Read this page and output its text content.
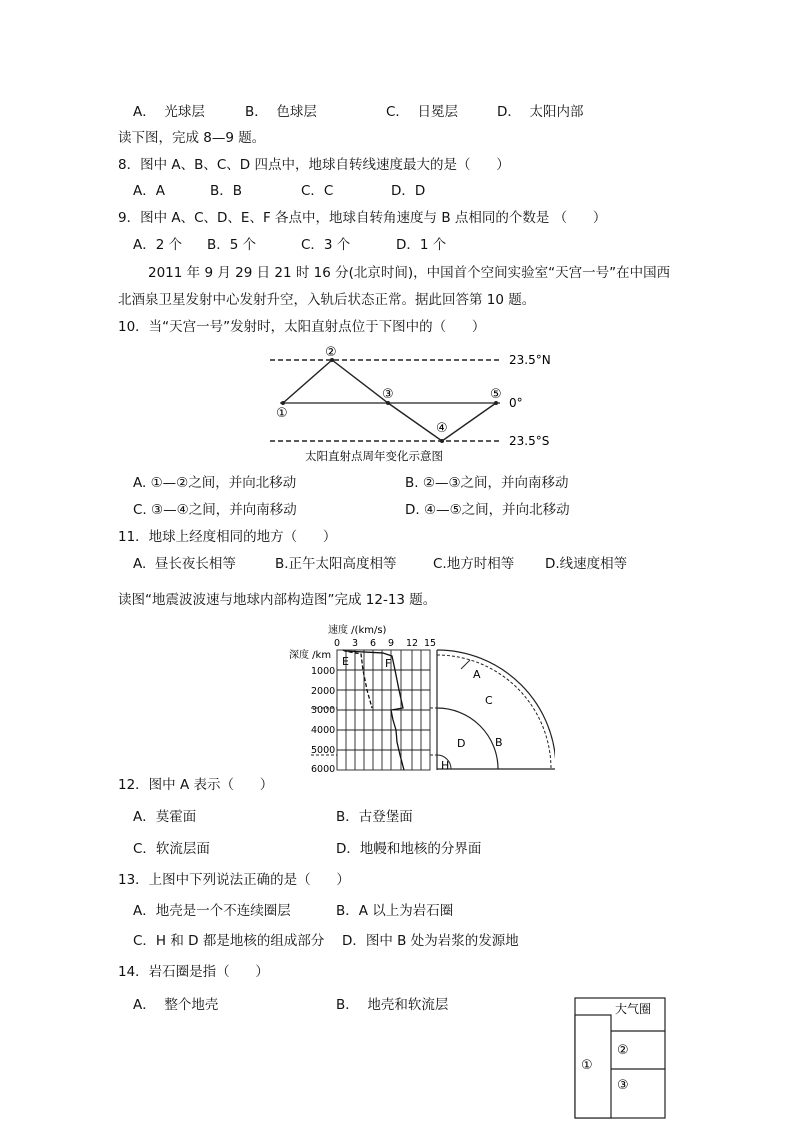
A．  光球层	B．  色球层	C．  日冕层	D．  太阳内部
读下图，完成 8—9 题。
8．图中 A、B、C、D 四点中，地球自转线速度最大的是（      ）
A．A	B．B	C．C	D．D
9．图中 A、C、D、E、F 各点中，地球自转角速度与 B 点相同的个数是 （      ）
A．2 个 B．5 个	C．3 个	D．1 个
2011 年 9 月 29 日 21 时 16 分(北京时间)，中国首个空间实验室“天宫一号”在中国西
北酒泉卫星发射中心发射升空，入轨后状态正常。据此回答第 10 题。
10．当“天宫一号”发射时，太阳直射点位于下图中的（      ）
①
②
③
④
⑤
23.5°N
0°
23.5°S
太阳直射点周年变化示意图
A. ①—②之间，并向北移动	B. ②—③之间，并向南移动
C. ③—④之间，并向南移动	D. ④—⑤之间，并向北移动
11．地球上经度相同的地方（      ）
A.  昼长夜长相等	B.正午太阳高度相等	C.地方时相等 D.线速度相等
读图“地震波波速与地球内部构造图”完成 12-13 题。
速度 /(km/s)
0 3 6 9 12 15
深度 /km
1000
2000
3000
4000
5000
6000
E	F
A
B
C
D
H
12．图中 A 表示（      ）
A．莫霍面	B．古登堡面
C．软流层面	D．地幔和地核的分界面
13．上图中下列说法正确的是（      ）
A．地壳是一个不连续圈层	B．A 以上为岩石圈
C．H 和 D 都是地核的组成部分 D．图中 B 处为岩浆的发源地
14．岩石圈是指（      ）
A．  整个地壳	B．  地壳和软流层	大气圈
①
②
③
